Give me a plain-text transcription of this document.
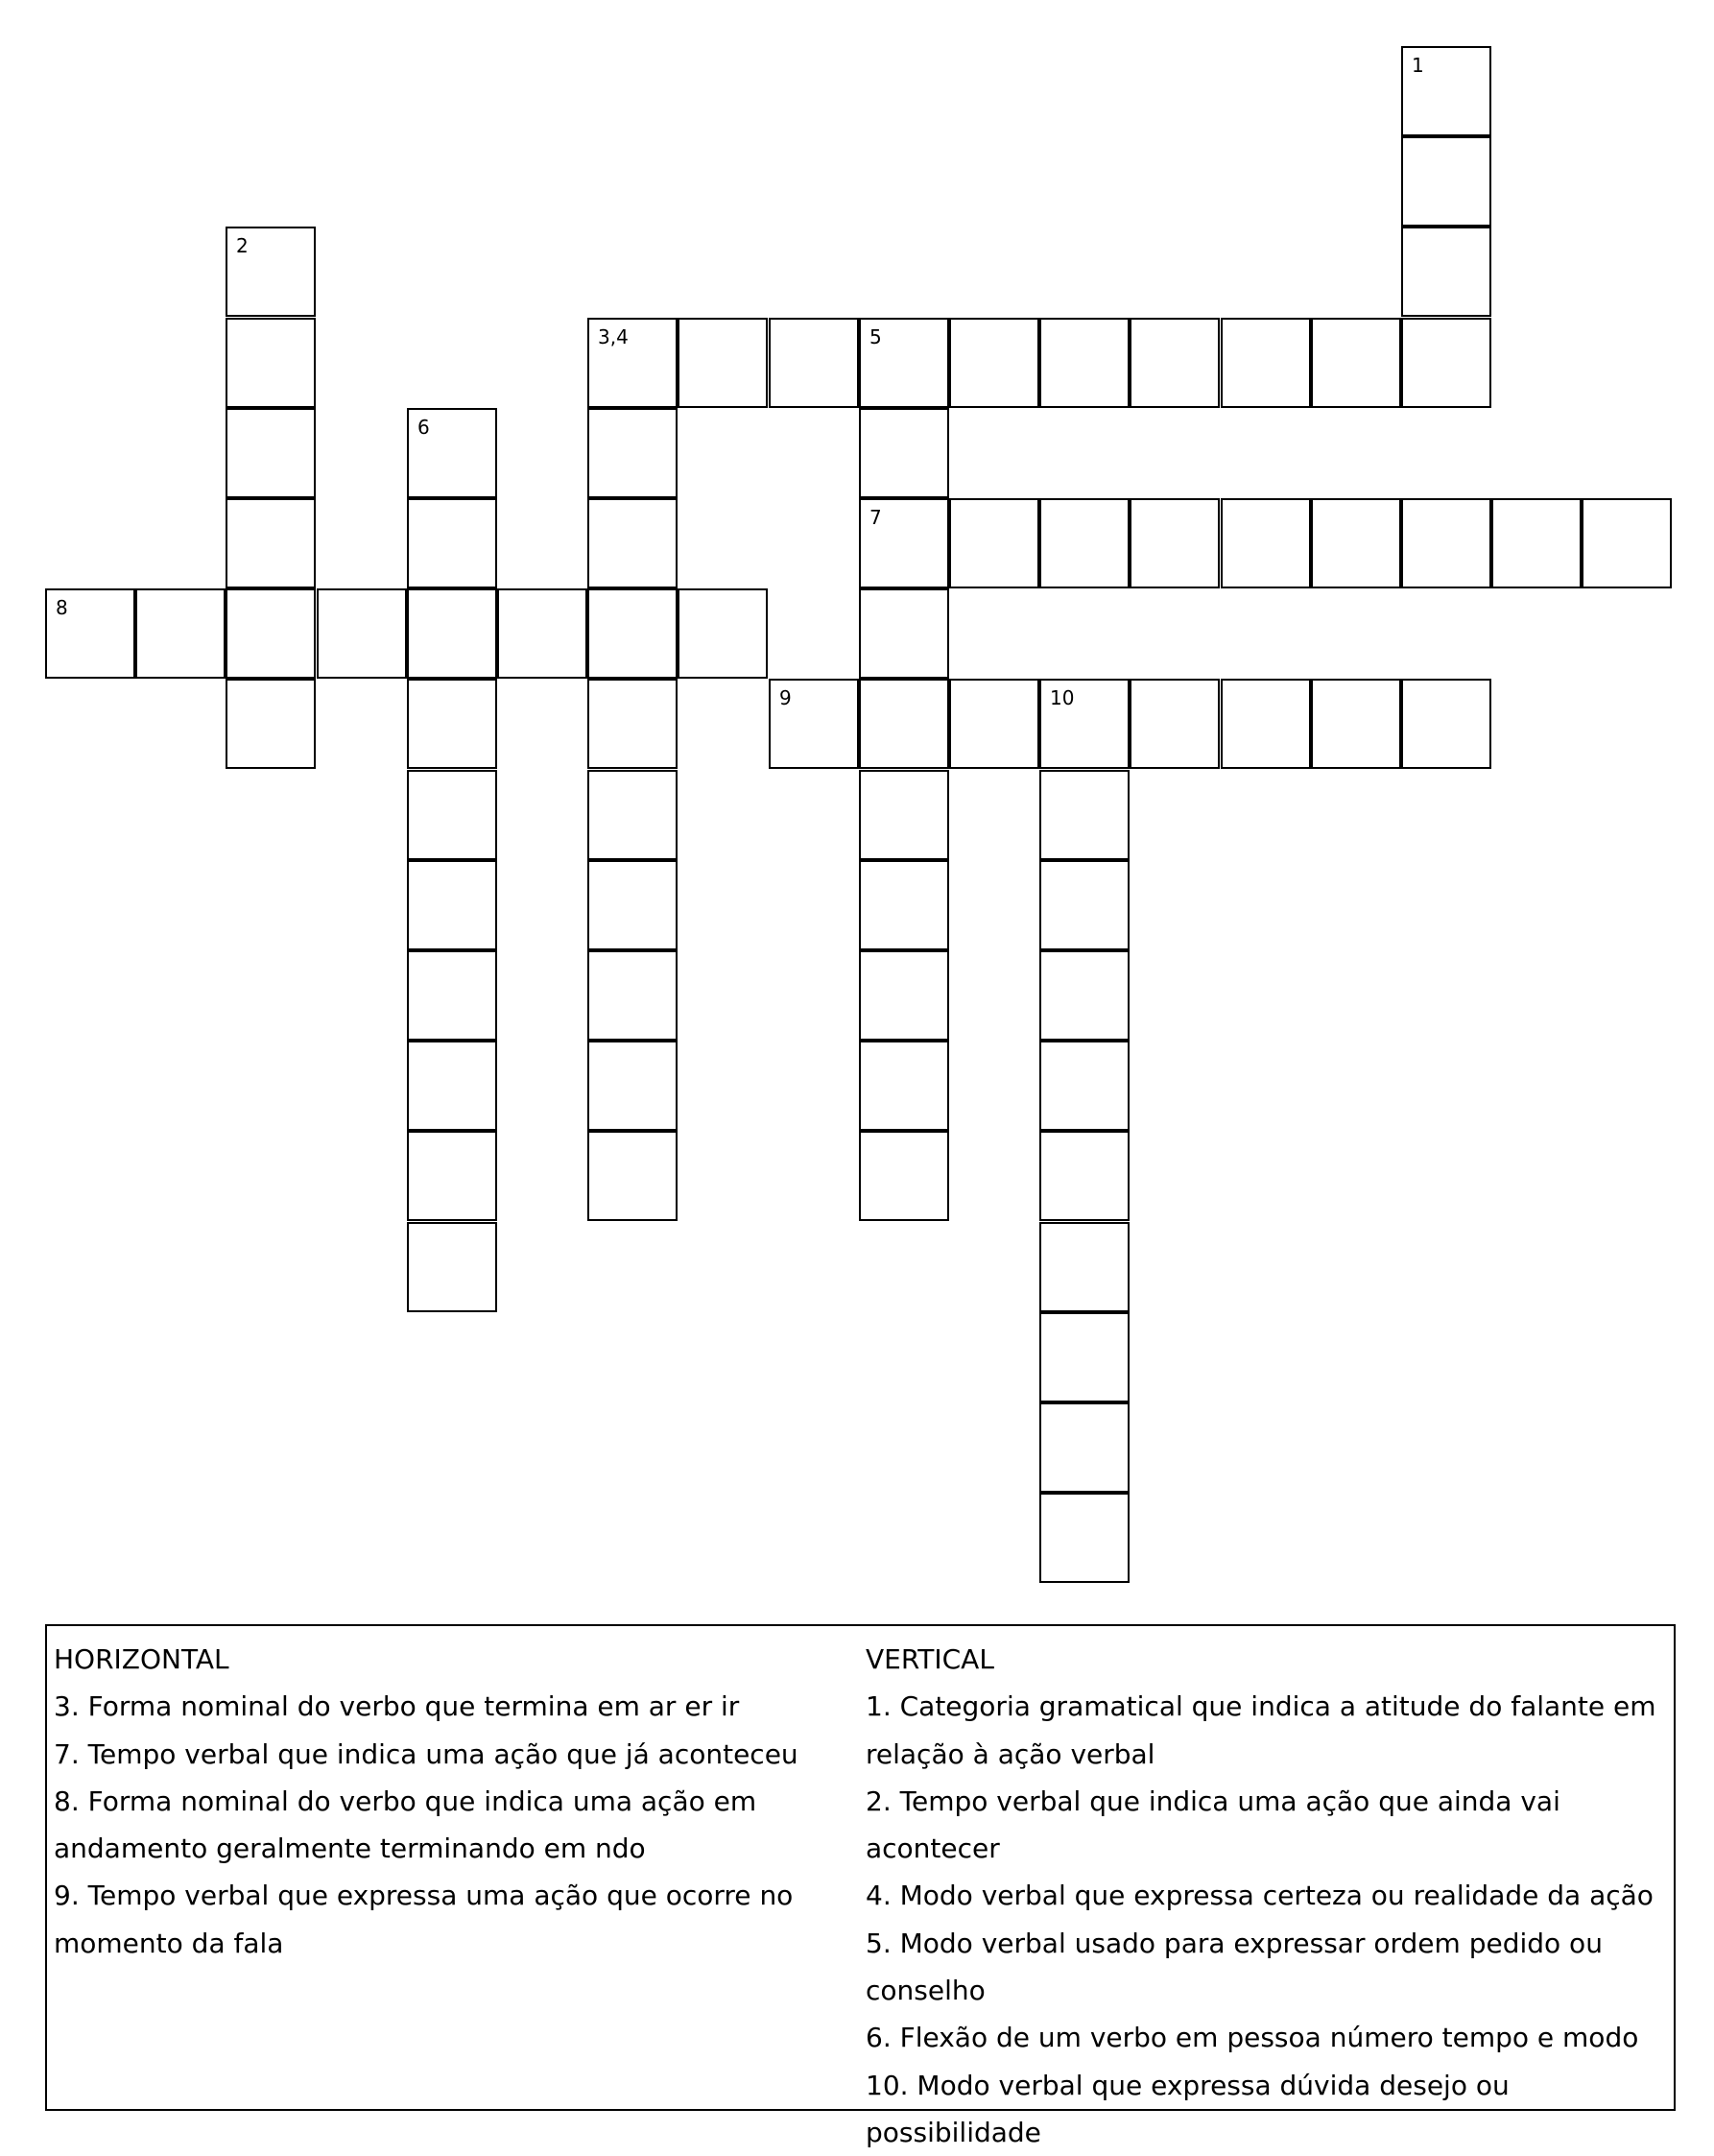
1
2
3,4	5
7
6
8
9	10

HORIZONTAL

3. Forma nominal do verbo que termina em ar er ir

7. Tempo verbal que indica uma ação que já aconteceu

8. Forma nominal do verbo que indica uma ação em

andamento geralmente terminando em ndo

9. Tempo verbal que expressa uma ação que ocorre no

momento da fala

VERTICAL

1. Categoria gramatical que indica a atitude do falante em

relação à ação verbal

2. Tempo verbal que indica uma ação que ainda vai acontecer

4. Modo verbal que expressa certeza ou realidade da ação

5. Modo verbal usado para expressar ordem pedido ou

conselho

6. Flexão de um verbo em pessoa número tempo e modo

10. Modo verbal que expressa dúvida desejo ou possibilidade
